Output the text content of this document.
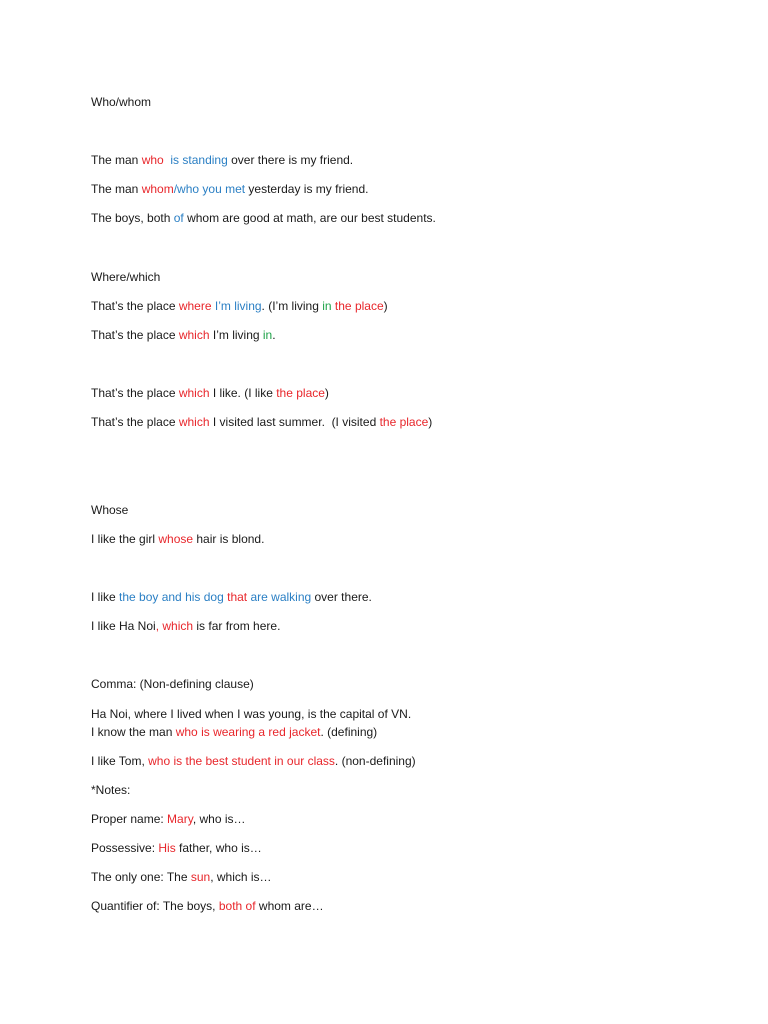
Who/whom
The man who is standing over there is my friend.
The man whom/who you met yesterday is my friend.
The boys, both of whom are good at math, are our best students.
Where/which
That’s the place where I’m living. (I’m living in the place)
That’s the place which I’m living in.
That’s the place which I like. (I like the place)
That’s the place which I visited last summer.  (I visited the place)
Whose
I like the girl whose hair is blond.
I like the boy and his dog that are walking over there.
I like Ha Noi, which is far from here.
Comma: (Non-defining clause)
Ha Noi, where I lived when I was young, is the capital of VN.
I know the man who is wearing a red jacket. (defining)
I like Tom, who is the best student in our class. (non-defining)
*Notes:
Proper name: Mary, who is…
Possessive: His father, who is…
The only one: The sun, which is…
Quantifier of: The boys, both of whom are…
